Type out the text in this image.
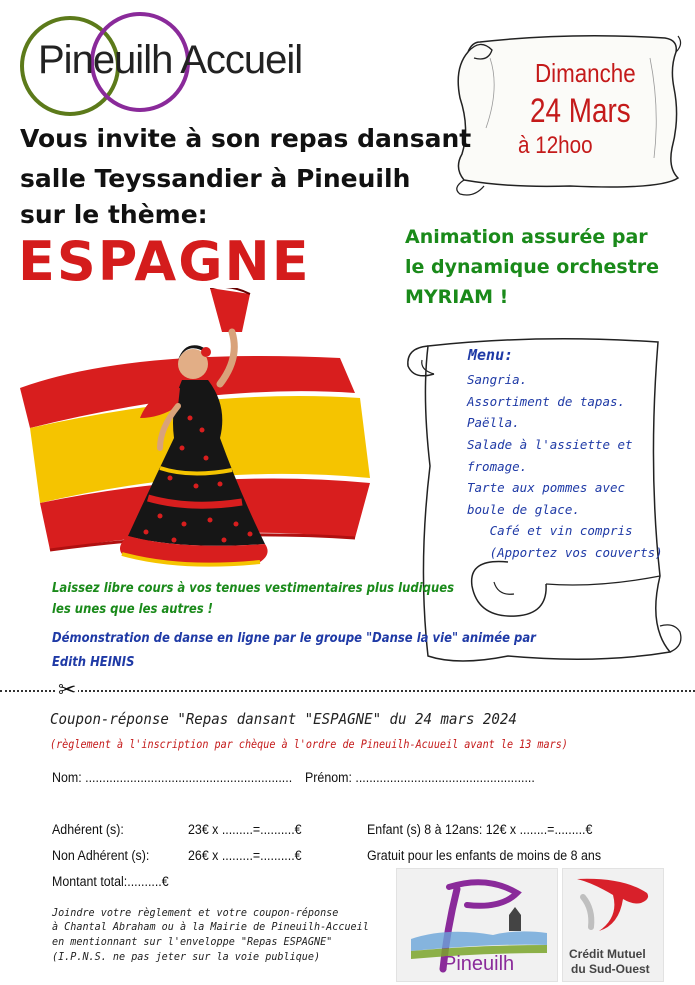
Pineuilh Accueil	Dimanche
24 Mars
à 12hoo
Vous invite à son repas dansant
salle Teyssandier à Pineuilh
sur le thème:
ESPAGNE	Animation assurée par
le dynamique orchestre
MYRIAM !
Menu:
Sangria.
Assortiment de tapas.
Paëlla.
Salade à l'assiette et
fromage.
Tarte aux pommes avec
boule de glace.
Café et vin compris
(Apportez vos couverts)
Laissez libre cours à vos tenues vestimentaires plus ludiques
les unes que les autres !
Démonstration de danse en ligne par le groupe "Danse la vie" animée par
Edith HEINIS
✂
Coupon-réponse "Repas dansant "ESPAGNE" du 24 mars 2024
(règlement à l'inscription par chèque à l'ordre de Pineuilh-Acuueil avant le 13 mars)
Nom: ............................................................ Prénom: ....................................................
Adhérent (s):	23€ x .........=..........€	Enfant (s) 8 à 12ans: 12€ x ........=.........€
Non Adhérent (s):	26€ x .........=..........€	Gratuit pour les enfants de moins de 8 ans
Montant total:..........€
Joindre votre règlement et votre coupon-réponse
à Chantal Abraham ou à la Mairie de Pineuilh-Accueil
en mentionnant sur l'enveloppe "Repas ESPAGNE"
(I.P.N.S. ne pas jeter sur la voie publique)	Pineuilh	Crédit Mutuel
du Sud-Ouest
